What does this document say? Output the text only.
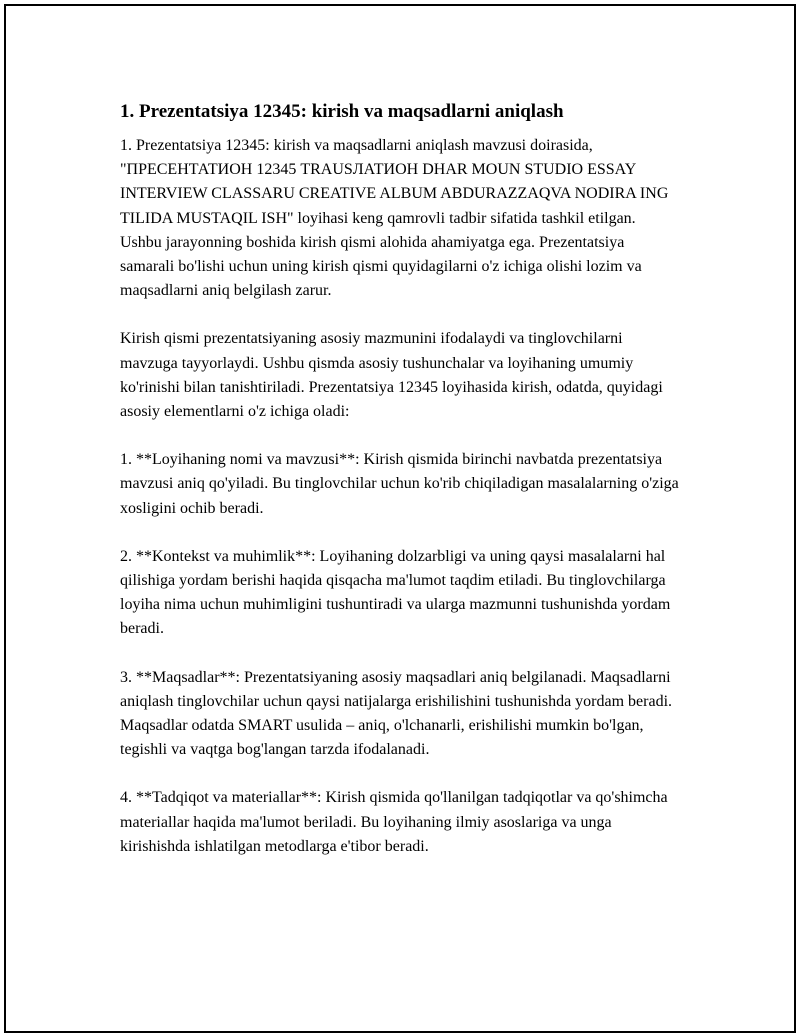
1. Prezentatsiya 12345: kirish va maqsadlarni aniqlash

1. Prezentatsiya 12345: kirish va maqsadlarni aniqlash mavzusi doirasida, "ПРЕСЕНТАТИОН 12345 TRAUSЛАТИОН DHAR MOUN STUDIO ESSAY INTERVIEW CLASSARU CREATIVE ALBUM ABDURAZZAQVA NODIRA ING TILIDA MUSTAQIL ISH" loyihasi keng qamrovli tadbir sifatida tashkil etilgan. Ushbu jarayonning boshida kirish qismi alohida ahamiyatga ega. Prezentatsiya samarali bo'lishi uchun uning kirish qismi quyidagilarni o'z ichiga olishi lozim va maqsadlarni aniq belgilash zarur.

Kirish qismi prezentatsiyaning asosiy mazmunini ifodalaydi va tinglovchilarni mavzuga tayyorlaydi. Ushbu qismda asosiy tushunchalar va loyihaning umumiy ko'rinishi bilan tanishtiriladi. Prezentatsiya 12345 loyihasida kirish, odatda, quyidagi asosiy elementlarni o'z ichiga oladi:

1. **Loyihaning nomi va mavzusi**: Kirish qismida birinchi navbatda prezentatsiya mavzusi aniq qo'yiladi. Bu tinglovchilar uchun ko'rib chiqiladigan masalalarning o'ziga xosligini ochib beradi.

2. **Kontekst va muhimlik**: Loyihaning dolzarbligi va uning qaysi masalalarni hal qilishiga yordam berishi haqida qisqacha ma'lumot taqdim etiladi. Bu tinglovchilarga loyiha nima uchun muhimligini tushuntiradi va ularga mazmunni tushunishda yordam beradi.

3. **Maqsadlar**: Prezentatsiyaning asosiy maqsadlari aniq belgilanadi. Maqsadlarni aniqlash tinglovchilar uchun qaysi natijalarga erishilishini tushunishda yordam beradi. Maqsadlar odatda SMART usulida – aniq, o'lchanarli, erishilishi mumkin bo'lgan, tegishli va vaqtga bog'langan tarzda ifodalanadi.

4. **Tadqiqot va materiallar**: Kirish qismida qo'llanilgan tadqiqotlar va qo'shimcha materiallar haqida ma'lumot beriladi. Bu loyihaning ilmiy asoslariga va unga kirishishda ishlatilgan metodlarga e'tibor beradi.
